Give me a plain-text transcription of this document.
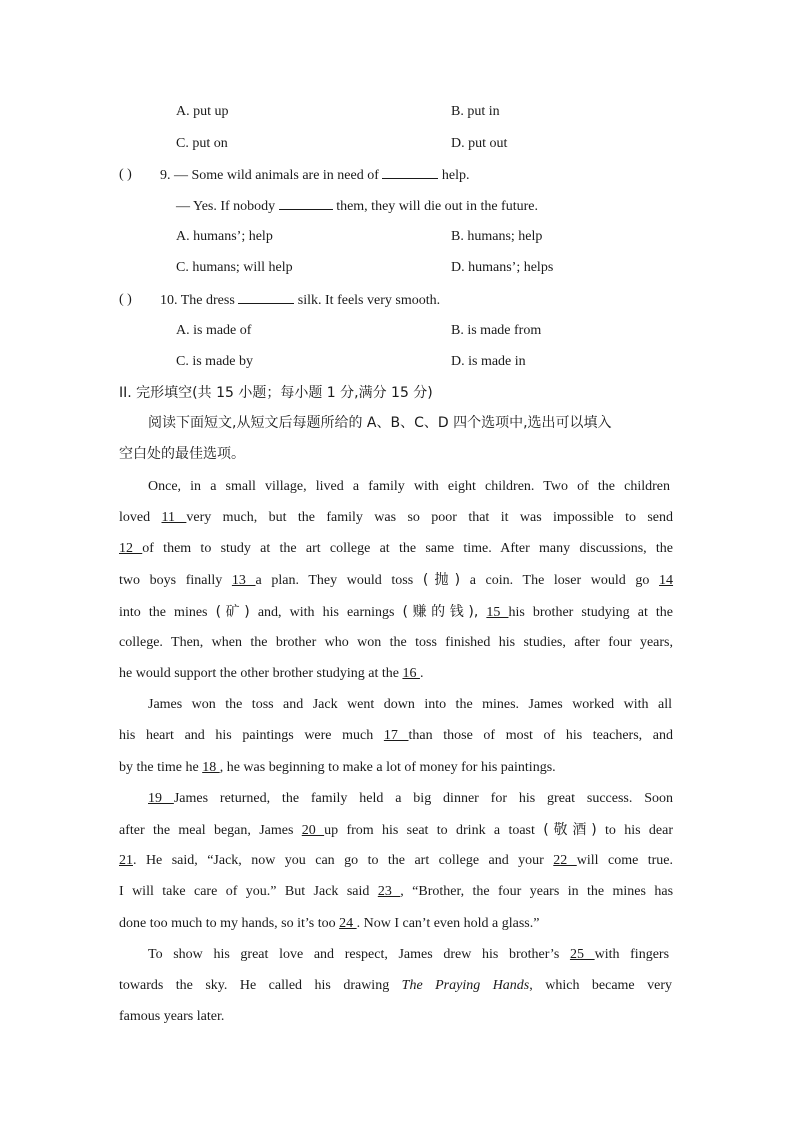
A. put up	B. put in
C. put on	D. put out
( ) 9. — Some wild animals are in need of	help.
— Yes. If nobody	them, they will die out in the future.
A. humans’; help	B. humans; help
C. humans; will help	D. humans’; helps
( ) 10. The dress	silk. It feels very smooth.
A. is made of	B. is made from
C. is made by	D. is made in
II. 完形填空(共 15 小题；每小题 1 分,满分 15 分)
阅读下面短文,从短文后每题所给的 A、B、C、D 四个选项中,选出可以填入
空白处的最佳选项。
Once, in a small village, lived a family with eight children. Two of the children
loved 11 very much, but the family was so poor that it was impossible to send
12 of them to study at the art college at the same time. After many discussions, the
two boys finally 13 a plan. They would toss (抛) a coin. The loser would go 14
into the mines (矿) and, with his earnings (赚的钱), 15 his brother studying at the
college. Then, when the brother who won the toss finished his studies, after four years,
he would support the other brother studying at the 16 .
James won the toss and Jack went down into the mines. James worked with all
his heart and his paintings were much 17 than those of most of his teachers, and
by the time he 18 , he was beginning to make a lot of money for his paintings.
19 James returned, the family held a big dinner for his great success. Soon
after the meal began, James 20 up from his seat to drink a toast (敬酒) to his dear
21. He said, “Jack, now you can go to the art college and your 22 will come true.
I will take care of you.” But Jack said 23 , “Brother, the four years in the mines has
done too much to my hands, so it’s too 24 . Now I can’t even hold a glass.”
To show his great love and respect, James drew his brother’s 25 with fingers
towards the sky. He called his drawing The Praying Hands, which became very
famous years later.
